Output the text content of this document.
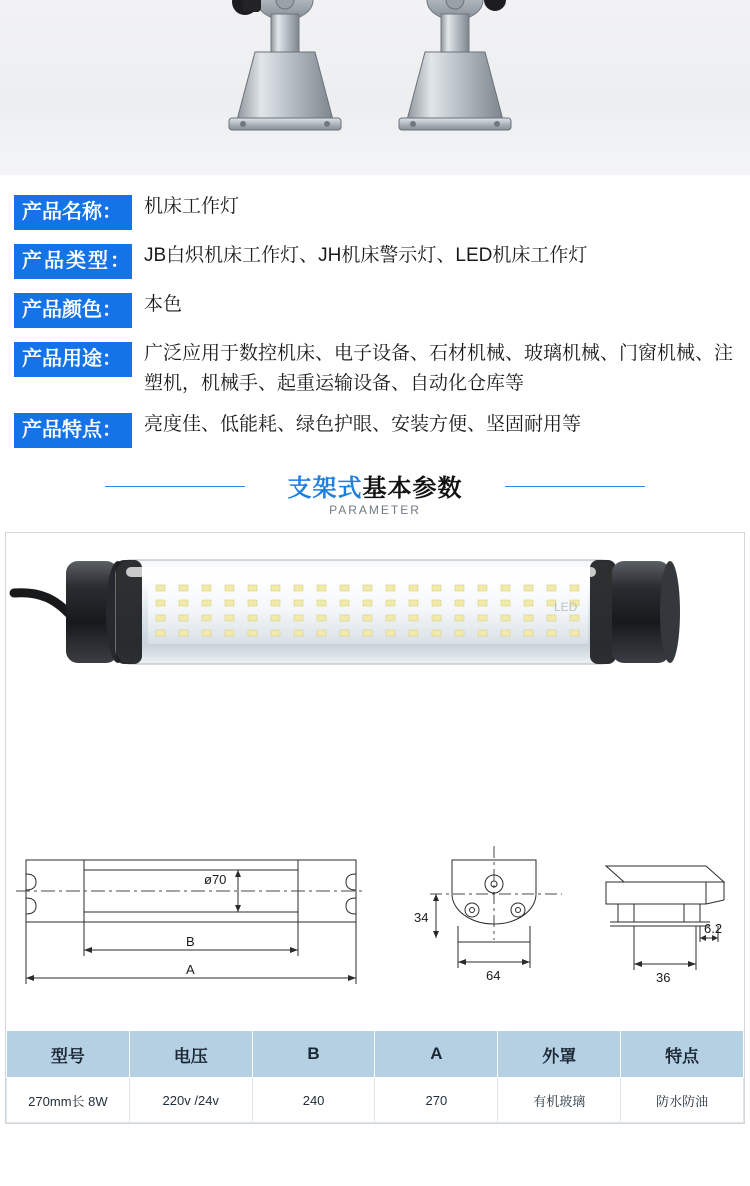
产品名称：	机床工作灯
产品类型： JB白炽机床工作灯、JH机床警示灯、LED机床工作灯
产品颜色：	本色
产品用途：	广泛应用于数控机床、电子设备、石材机械、玻璃机械、门窗机械、注塑机，机械手、起重运输设备、自动化仓库等
产品特点：	亮度佳、低能耗、绿色护眼、安装方便、坚固耐用等
支架式基本参数
PARAMETER
LED
ø70
B
A
34
64
6.2
36
型号	电压	B	A	外罩	特点
270mm长 8W	220v /24v	240	270	有机玻璃	防水防油
